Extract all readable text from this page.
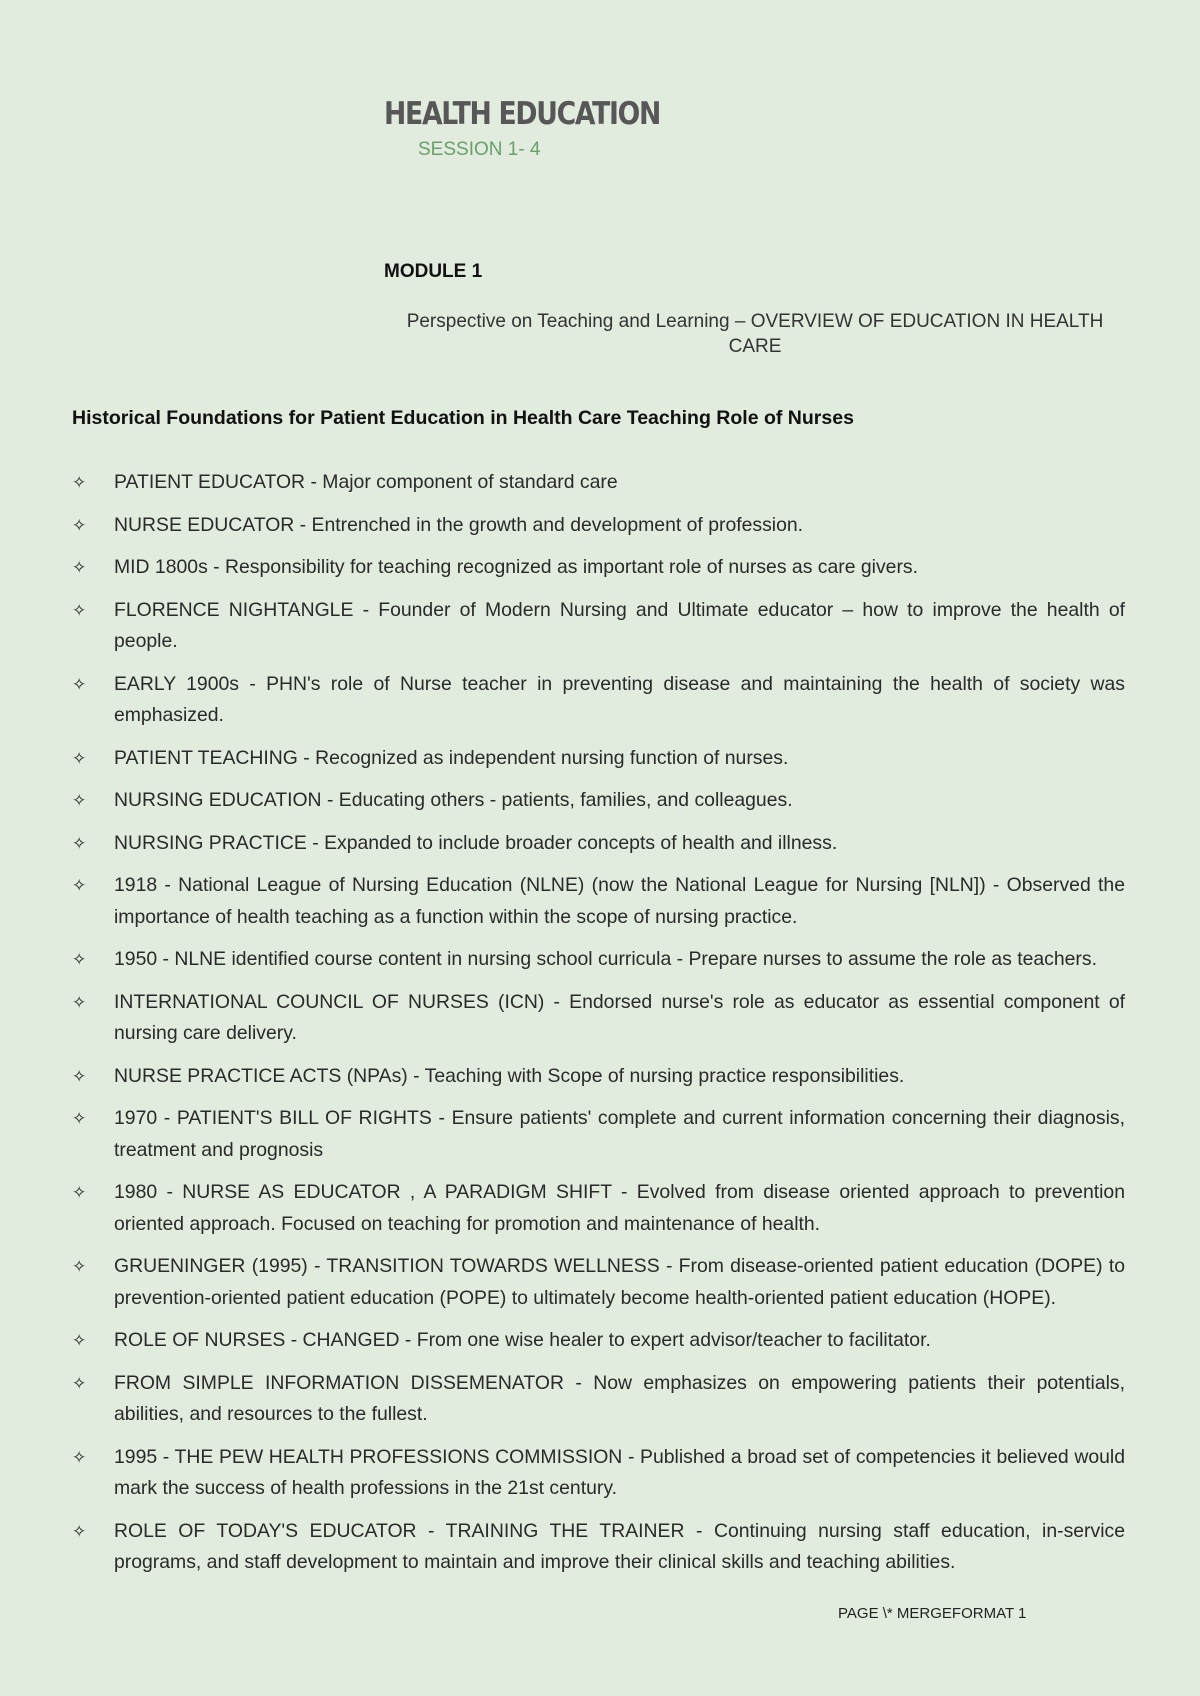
HEALTH EDUCATION

SESSION 1- 4

MODULE 1

Perspective on Teaching and Learning – OVERVIEW OF EDUCATION IN HEALTH CARE

Historical Foundations for Patient Education in Health Care Teaching Role of Nurses
✧ PATIENT EDUCATOR - Major component of standard care
✧ NURSE EDUCATOR - Entrenched in the growth and development of profession.
✧ MID 1800s - Responsibility for teaching recognized as important role of nurses as care givers.
✧ FLORENCE NIGHTANGLE - Founder of Modern Nursing and Ultimate educator – how to improve the health of people.
✧ EARLY 1900s - PHN's role of Nurse teacher in preventing disease and maintaining the health of society was emphasized.
✧ PATIENT TEACHING - Recognized as independent nursing function of nurses.
✧ NURSING EDUCATION - Educating others - patients, families, and colleagues.
✧ NURSING PRACTICE - Expanded to include broader concepts of health and illness.
✧ 1918 - National League of Nursing Education (NLNE) (now the National League for Nursing [NLN]) - Observed the importance of health teaching as a function within the scope of nursing practice.
✧ 1950 - NLNE identified course content in nursing school curricula - Prepare nurses to assume the role as teachers.
✧ INTERNATIONAL COUNCIL OF NURSES (ICN) - Endorsed nurse's role as educator as essential component of nursing care delivery.
✧ NURSE PRACTICE ACTS (NPAs) - Teaching with Scope of nursing practice responsibilities.
✧ 1970 - PATIENT'S BILL OF RIGHTS - Ensure patients' complete and current information concerning their diagnosis, treatment and prognosis
✧ 1980 - NURSE AS EDUCATOR , A PARADIGM SHIFT - Evolved from disease oriented approach to prevention oriented approach. Focused on teaching for promotion and maintenance of health.
✧ GRUENINGER (1995) - TRANSITION TOWARDS WELLNESS - From disease-oriented patient education (DOPE) to prevention-oriented patient education (POPE) to ultimately become health-oriented patient education (HOPE).
✧ ROLE OF NURSES - CHANGED - From one wise healer to expert advisor/teacher to facilitator.
✧ FROM SIMPLE INFORMATION DISSEMENATOR - Now emphasizes on empowering patients their potentials, abilities, and resources to the fullest.
✧ 1995 - THE PEW HEALTH PROFESSIONS COMMISSION - Published a broad set of competencies it believed would mark the success of health professions in the 21st century.
✧ ROLE OF TODAY'S EDUCATOR - TRAINING THE TRAINER - Continuing nursing staff education, in-service programs, and staff development to maintain and improve their clinical skills and teaching abilities.

PAGE \* MERGEFORMAT 1
